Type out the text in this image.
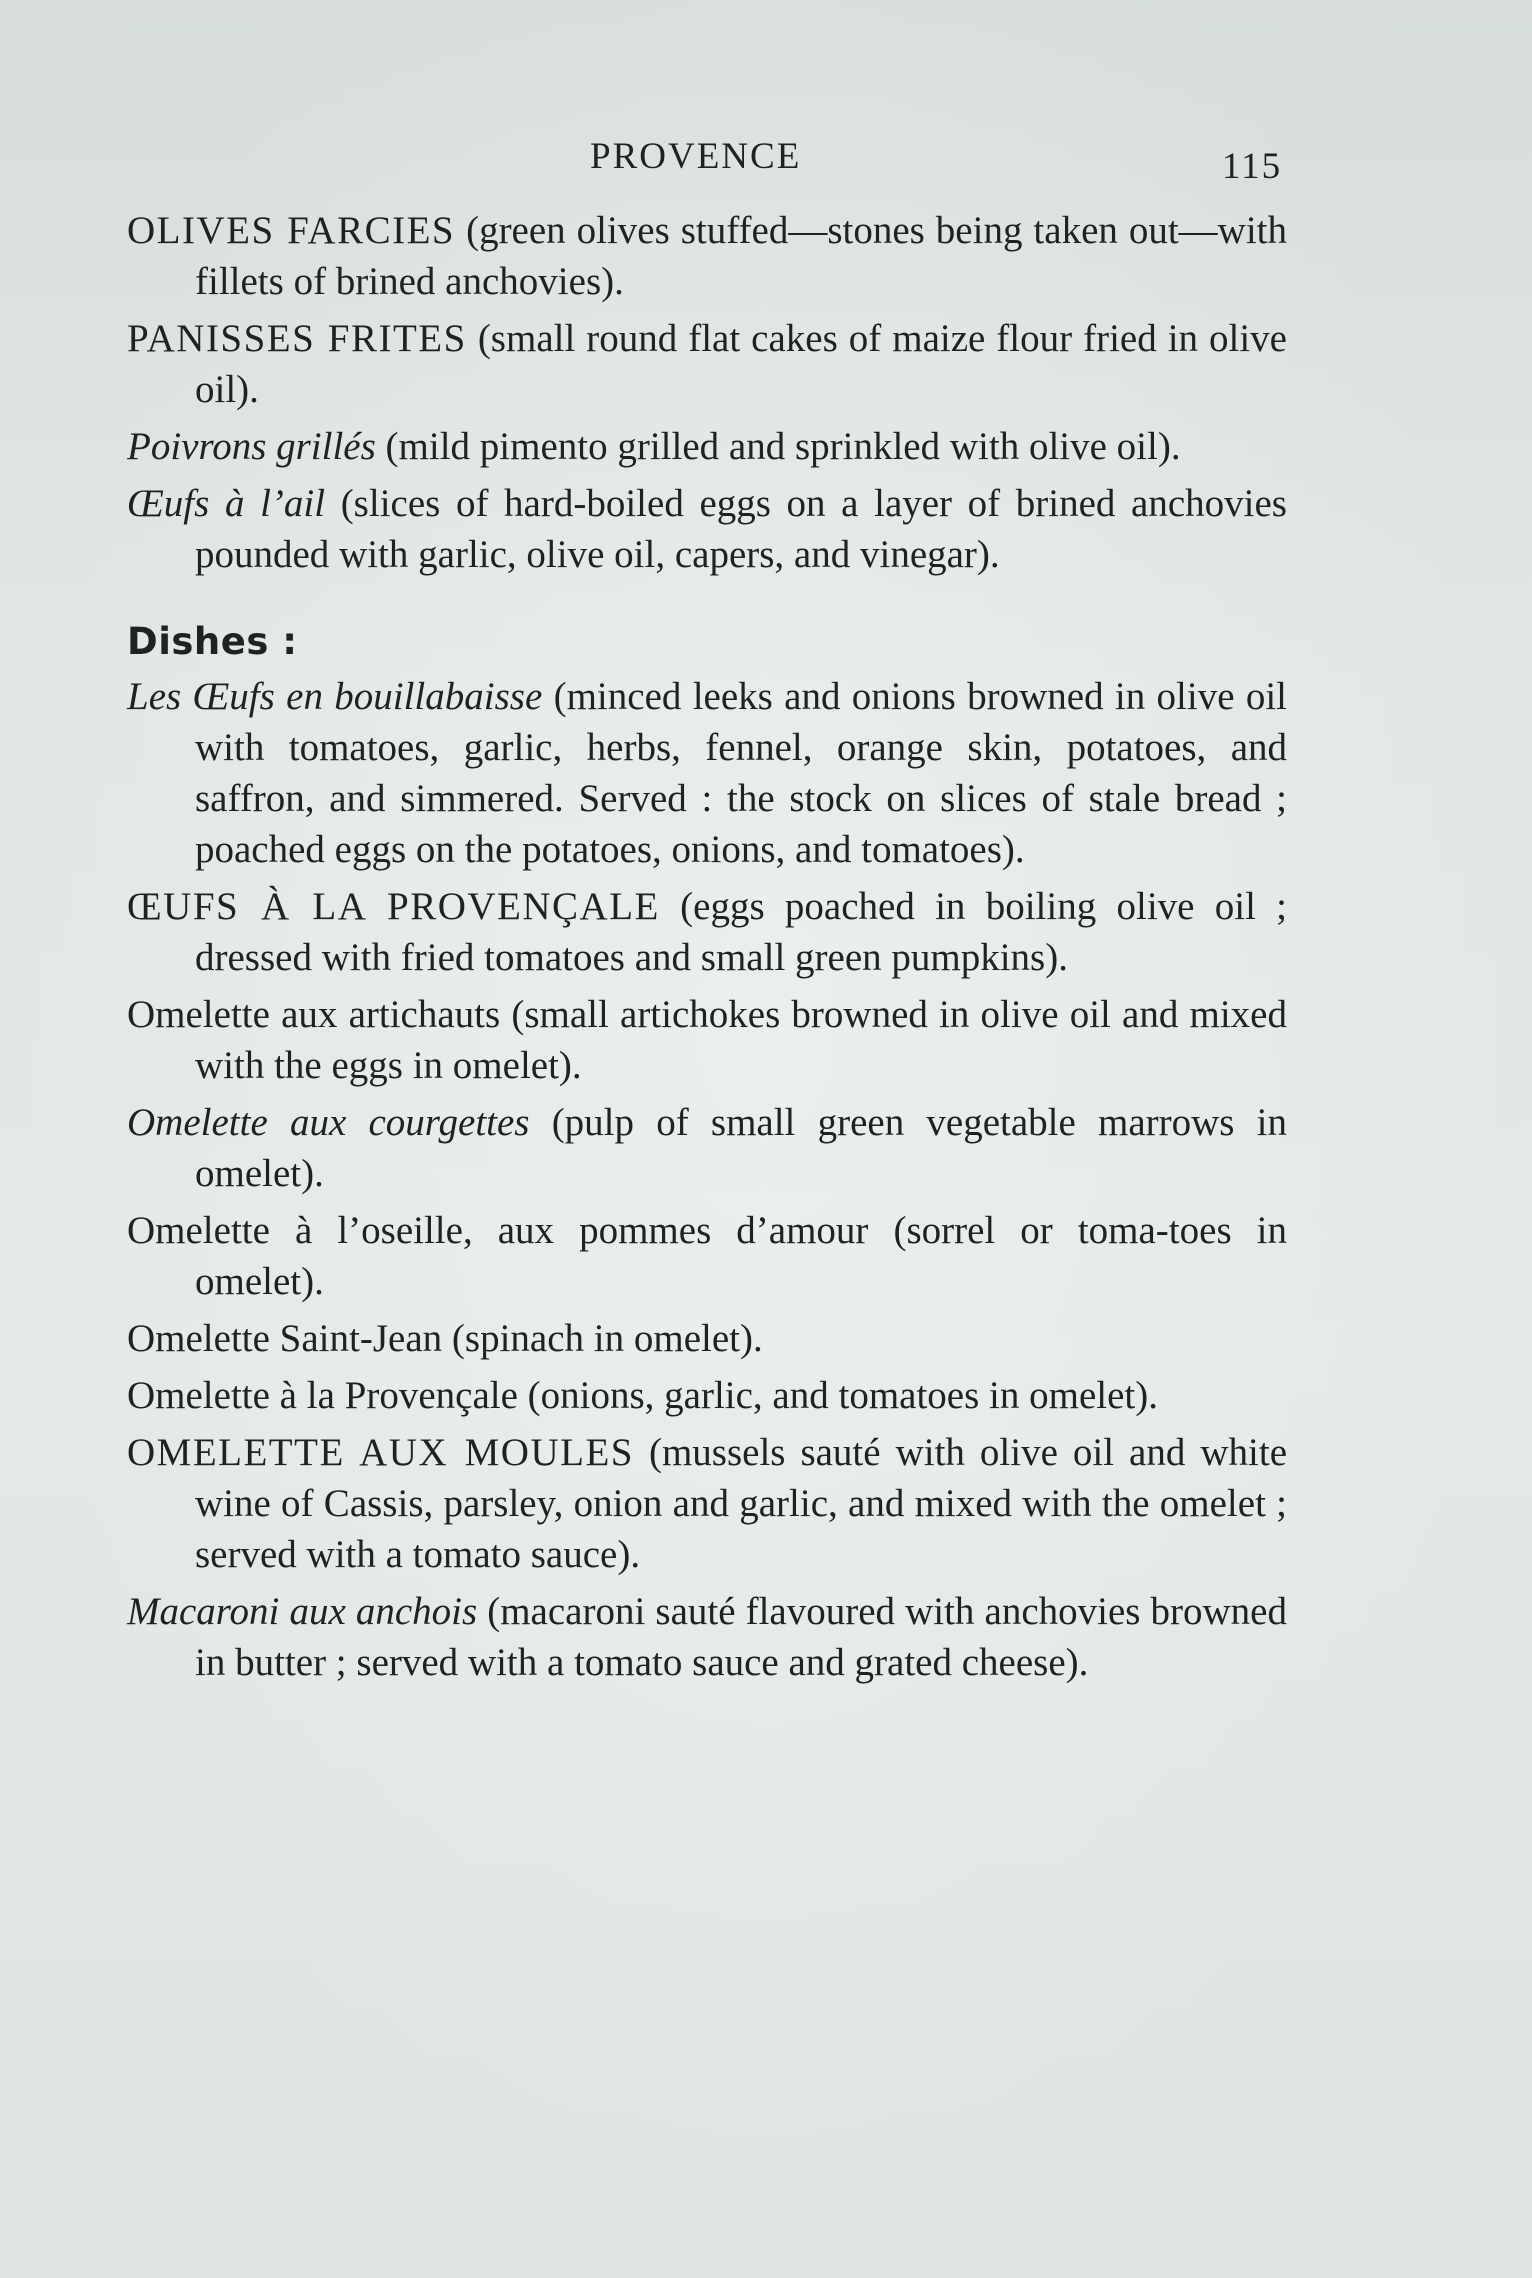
PROVENCE	115

OLIVES FARCIES (green olives stuffed—stones being taken out—with fillets of brined anchovies).

PANISSES FRITES (small round flat cakes of maize flour fried in olive oil).

Poivrons grillés (mild pimento grilled and sprinkled with olive oil).

Œufs à l’ail (slices of hard-boiled eggs on a layer of brined anchovies pounded with garlic, olive oil, capers, and vinegar).

Dishes :

Les Œufs en bouillabaisse (minced leeks and onions browned in olive oil with tomatoes, garlic, herbs, fennel, orange skin, potatoes, and saffron, and simmered. Served : the stock on slices of stale bread ; poached eggs on the potatoes, onions, and tomatoes).

ŒUFS À LA PROVENÇALE (eggs poached in boiling olive oil ; dressed with fried tomatoes and small green pumpkins).

Omelette aux artichauts (small artichokes browned in olive oil and mixed with the eggs in omelet).

Omelette aux courgettes (pulp of small green vegetable marrows in omelet).

Omelette à l’oseille, aux pommes d’amour (sorrel or toma-toes in omelet).

Omelette Saint-Jean (spinach in omelet).

Omelette à la Provençale (onions, garlic, and tomatoes in omelet).

OMELETTE AUX MOULES (mussels sauté with olive oil and white wine of Cassis, parsley, onion and garlic, and mixed with the omelet ; served with a tomato sauce).

Macaroni aux anchois (macaroni sauté flavoured with anchovies browned in butter ; served with a tomato sauce and grated cheese).
